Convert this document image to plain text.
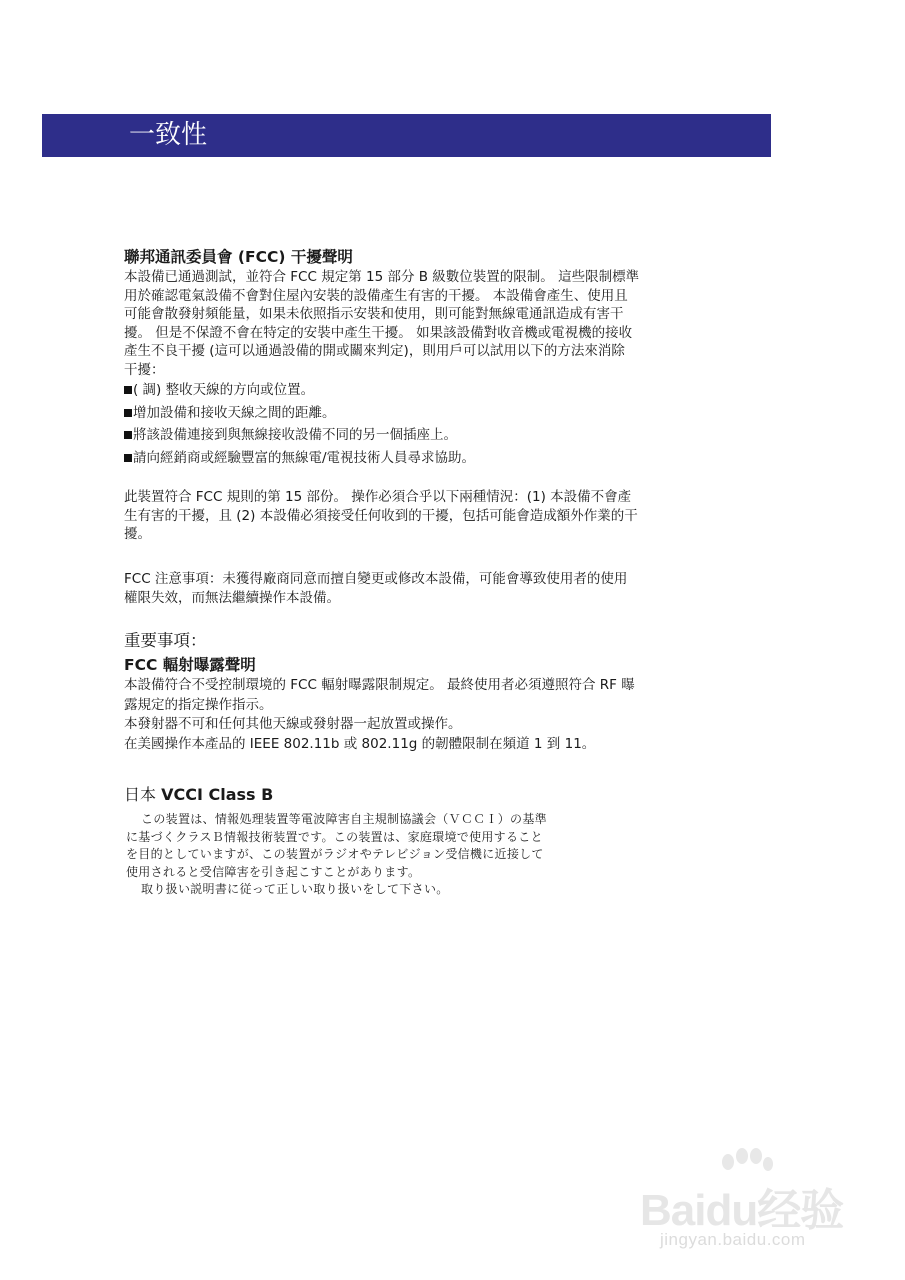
一致性

聯邦通訊委員會 (FCC) 干擾聲明

本設備已通過測試，並符合 FCC 規定第 15 部分 B 級數位裝置的限制。 這些限制標準

用於確認電氣設備不會對住屋內安裝的設備產生有害的干擾。 本設備會產生、使用且

可能會散發射頻能量，如果未依照指示安裝和使用，則可能對無線電通訊造成有害干

擾。 但是不保證不會在特定的安裝中產生干擾。 如果該設備對收音機或電視機的接收

產生不良干擾 (這可以通過設備的開或關來判定)，則用戶可以試用以下的方法來消除

干擾：

( 調) 整收天線的方向或位置。

增加設備和接收天線之間的距離。

將該設備連接到與無線接收設備不同的另一個插座上。

請向經銷商或經驗豐富的無線電/電視技術人員尋求協助。

此裝置符合 FCC 規則的第 15 部份。 操作必須合乎以下兩種情況：(1) 本設備不會產

生有害的干擾，且 (2) 本設備必須接受任何收到的干擾，包括可能會造成額外作業的干

擾。

FCC 注意事項：未獲得廠商同意而擅自變更或修改本設備，可能會導致使用者的使用

權限失效，而無法繼續操作本設備。

重要事項：

FCC 輻射曝露聲明

本設備符合不受控制環境的 FCC 輻射曝露限制規定。 最終使用者必須遵照符合 RF 曝

露規定的指定操作指示。

本發射器不可和任何其他天線或發射器一起放置或操作。

在美國操作本產品的 IEEE 802.11b 或 802.11g 的韌體限制在頻道 1 到 11。

日本 VCCI Class B

この装置は、情報処理装置等電波障害自主規制協議会（ＶＣＣＩ）の基準
に基づくクラスＢ情報技術装置です。この装置は、家庭環境で使用すること
を目的としていますが、この装置がラジオやテレビジョン受信機に近接して
使用されると受信障害を引き起こすことがあります。
取り扱い説明書に従って正しい取り扱いをして下さい。
Baidu经验
jingyan.baidu.com
